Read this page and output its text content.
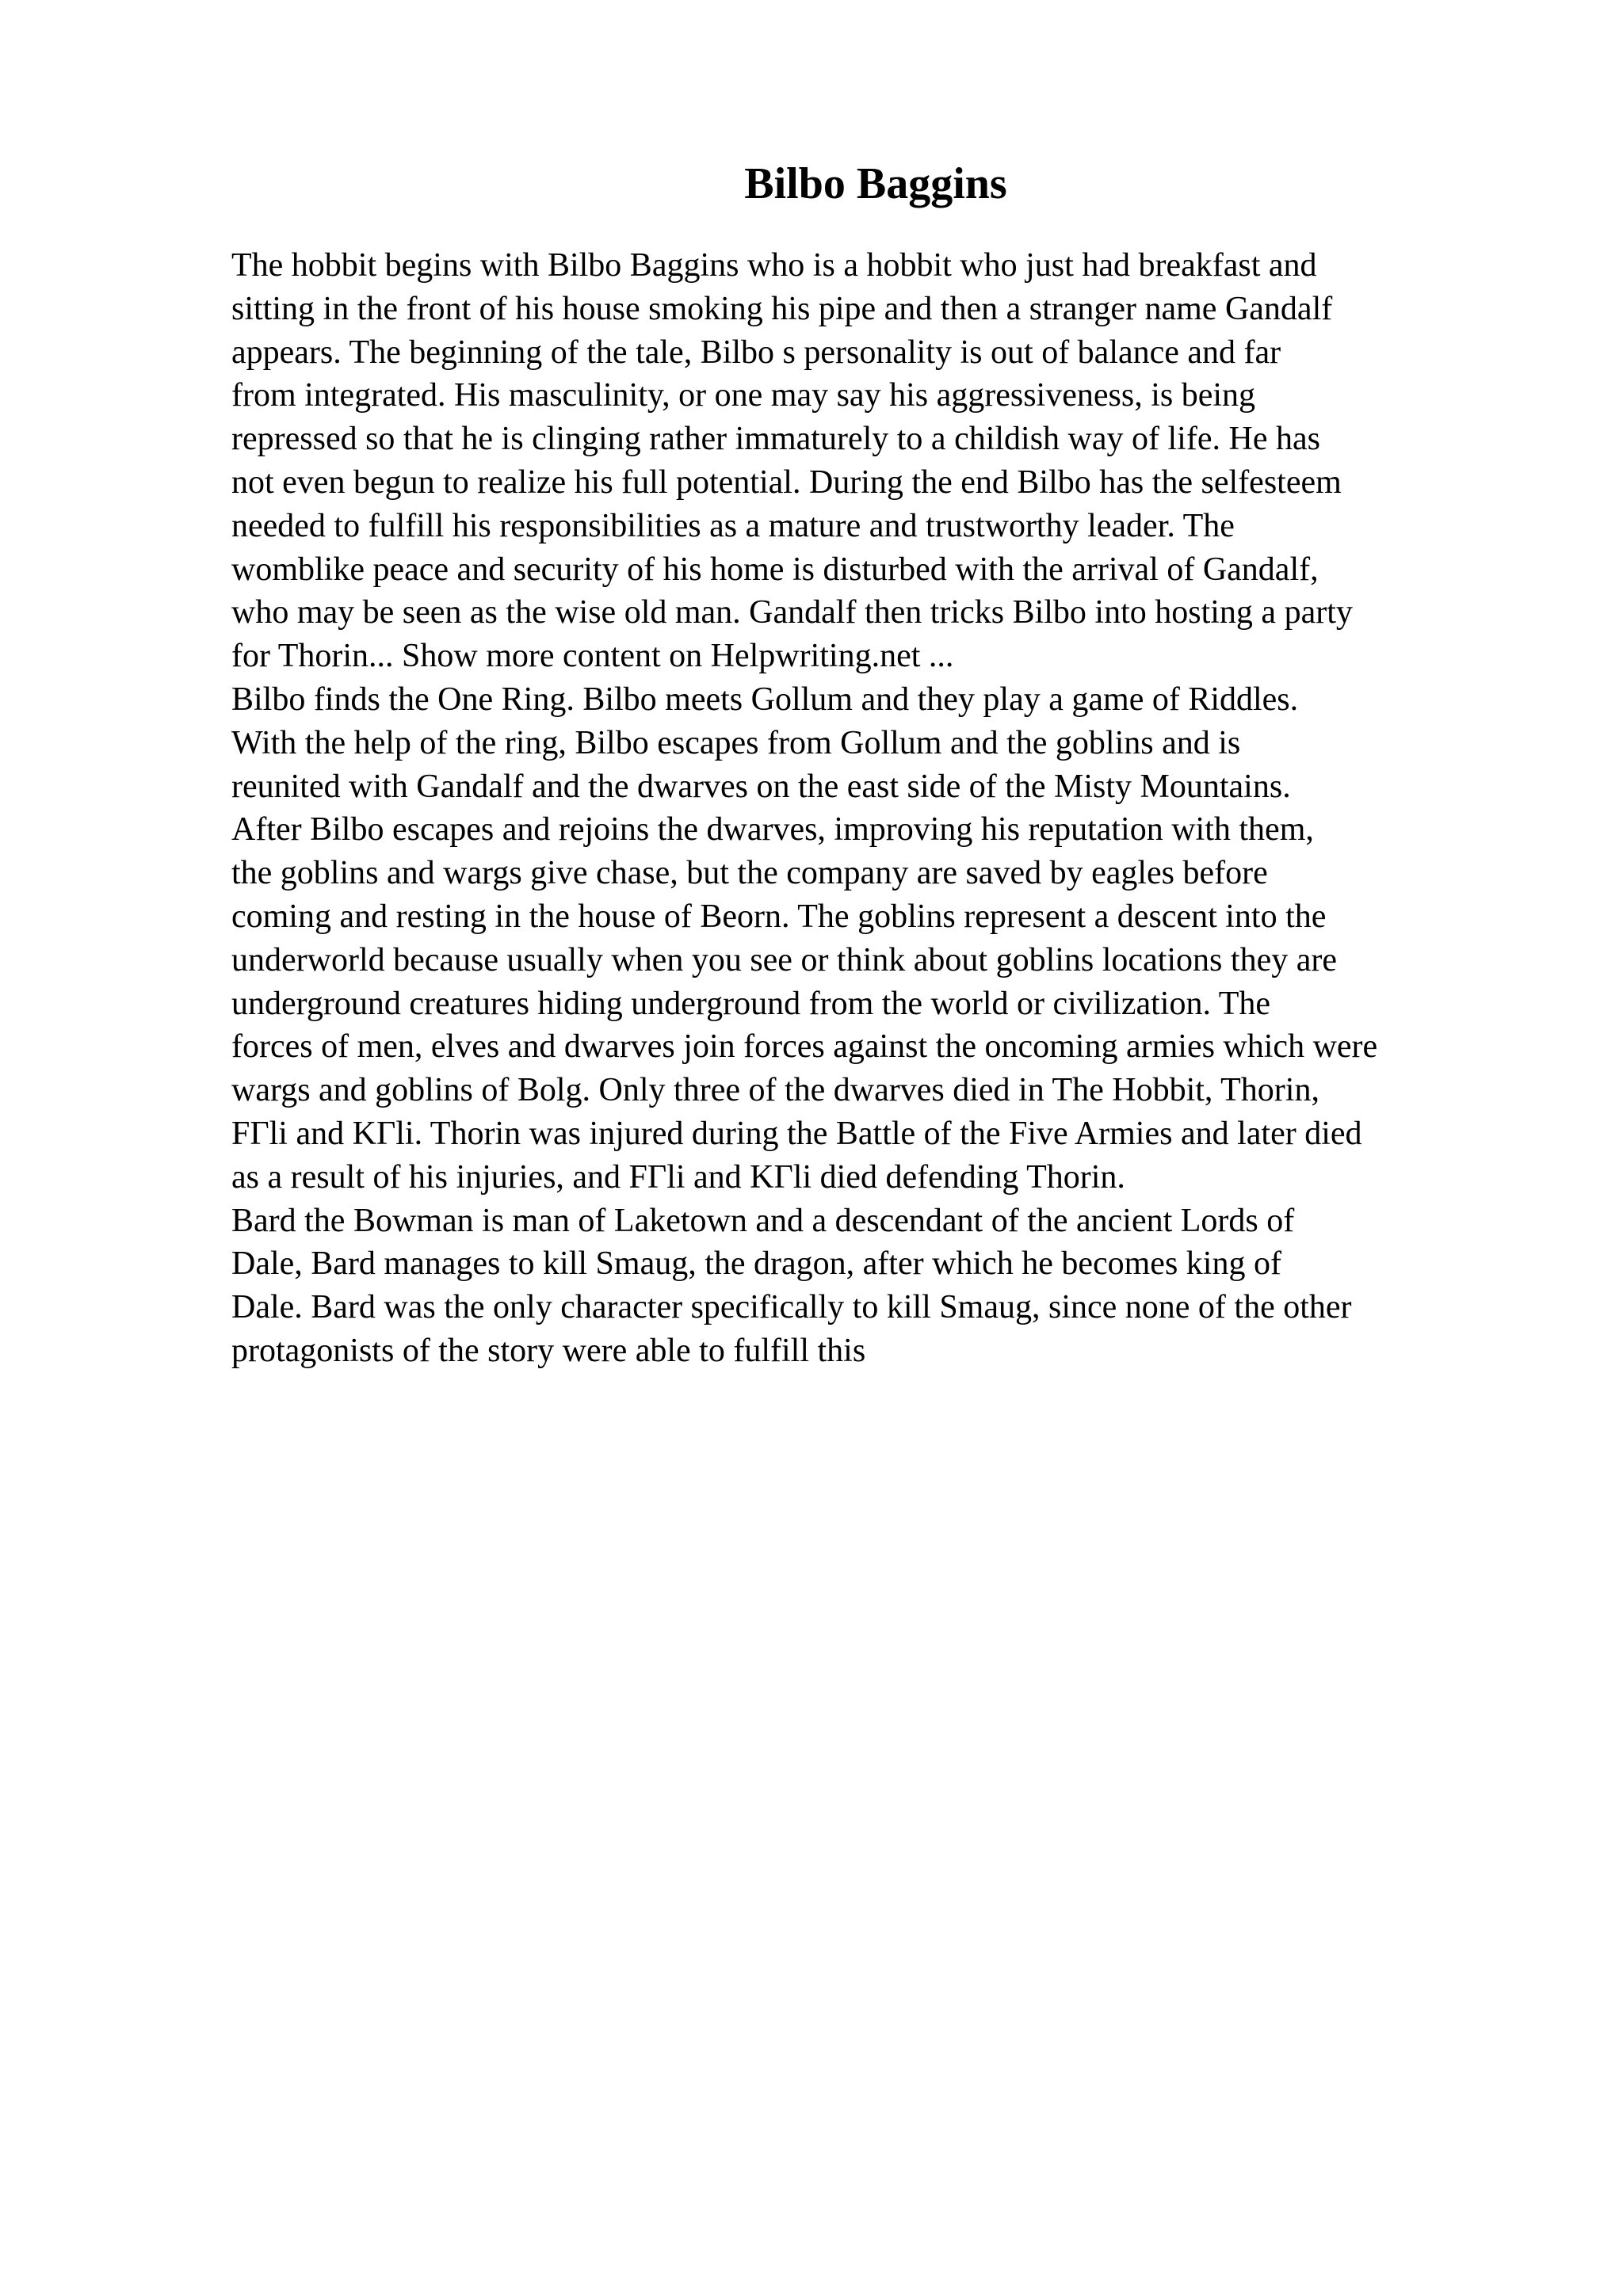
Bilbo Baggins
The hobbit begins with Bilbo Baggins who is a hobbit who just had breakfast and
sitting in the front of his house smoking his pipe and then a stranger name Gandalf
appears. The beginning of the tale, Bilbo s personality is out of balance and far
from integrated. His masculinity, or one may say his aggressiveness, is being
repressed so that he is clinging rather immaturely to a childish way of life. He has
not even begun to realize his full potential. During the end Bilbo has the selfesteem
needed to fulfill his responsibilities as a mature and trustworthy leader. The
womblike peace and security of his home is disturbed with the arrival of Gandalf,
who may be seen as the wise old man. Gandalf then tricks Bilbo into hosting a party
for Thorin... Show more content on Helpwriting.net ...
Bilbo finds the One Ring. Bilbo meets Gollum and they play a game of Riddles.
With the help of the ring, Bilbo escapes from Gollum and the goblins and is
reunited with Gandalf and the dwarves on the east side of the Misty Mountains.
After Bilbo escapes and rejoins the dwarves, improving his reputation with them,
the goblins and wargs give chase, but the company are saved by eagles before
coming and resting in the house of Beorn. The goblins represent a descent into the
underworld because usually when you see or think about goblins locations they are
underground creatures hiding underground from the world or civilization. The
forces of men, elves and dwarves join forces against the oncoming armies which were
wargs and goblins of Bolg. Only three of the dwarves died in The Hobbit, Thorin,
FΓli and KΓli. Thorin was injured during the Battle of the Five Armies and later died
as a result of his injuries, and FΓli and KΓli died defending Thorin.
Bard the Bowman is man of Laketown and a descendant of the ancient Lords of
Dale, Bard manages to kill Smaug, the dragon, after which he becomes king of
Dale. Bard was the only character specifically to kill Smaug, since none of the other
protagonists of the story were able to fulfill this
